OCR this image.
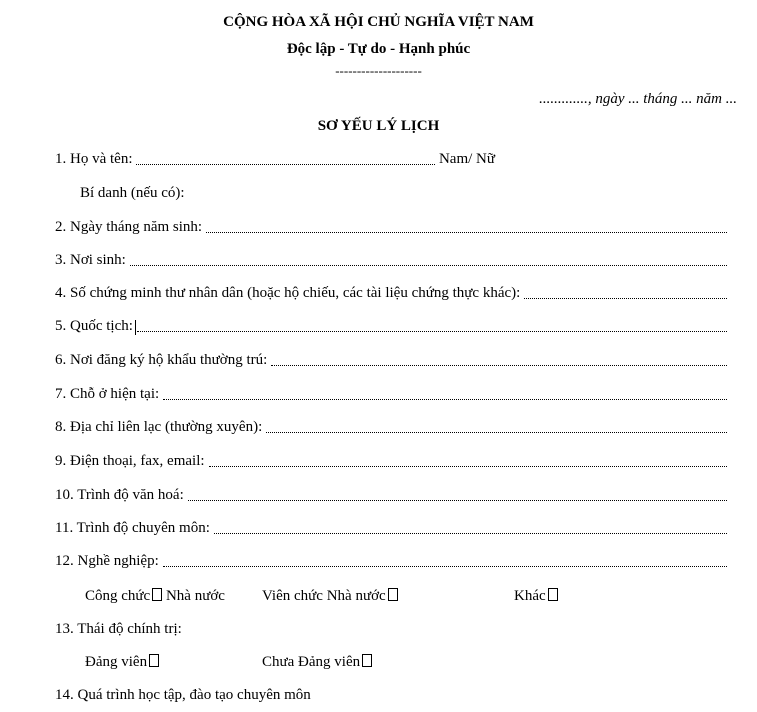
CỘNG HÒA XÃ HỘI CHỦ NGHĨA VIỆT NAM
Độc lập - Tự do - Hạnh phúc
--------------------
............., ngày ... tháng ... năm ...
SƠ YẾU LÝ LỊCH
1. Họ và tên:	Nam/ Nữ
Bí danh (nếu có):
2. Ngày tháng năm sinh:
3. Nơi sinh:
4. Số chứng minh thư nhân dân (hoặc hộ chiếu, các tài liệu chứng thực khác):
5. Quốc tịch:
6. Nơi đăng ký hộ khẩu thường trú:
7. Chỗ ở hiện tại:
8. Địa chỉ liên lạc (thường xuyên):
9. Điện thoại, fax, email:
10. Trình độ văn hoá:
11. Trình độ chuyên môn:
12. Nghề nghiệp:
Công chức Nhà nước Viên chức Nhà nước	Khác
13. Thái độ chính trị:
Đảng viên	Chưa Đảng viên
14. Quá trình học tập, đào tạo chuyên môn
